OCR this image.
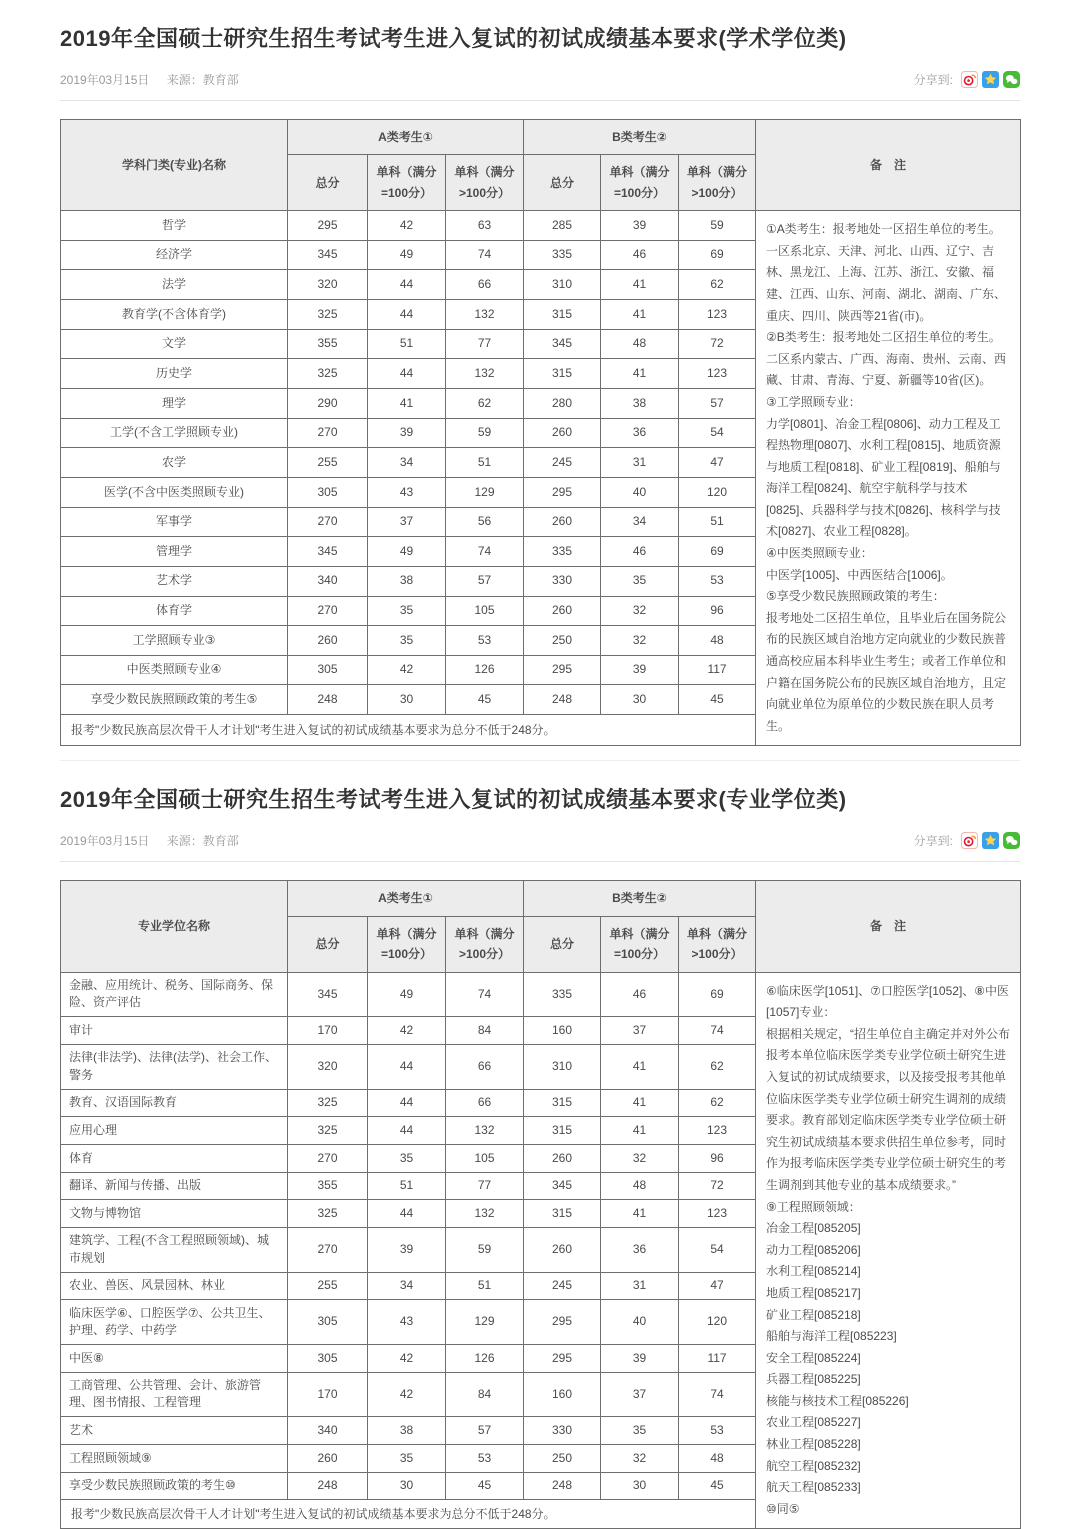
2019年全国硕士研究生招生考试考生进入复试的初试成绩基本要求(学术学位类)
2019年03月15日 来源：教育部	分享到:
学科门类(专业)名称	A类考生①			B类考生②			备　注
	总分	单科（满分=100分）	单科（满分>100分）	总分	单科（满分=100分）	单科（满分>100分）	
哲学	295	42	63	285	39	59	①A类考生：报考地处一区招生单位的考生。

一区系北京、天津、河北、山西、辽宁、吉林、黑龙江、上海、江苏、浙江、安徽、福建、江西、山东、河南、湖北、湖南、广东、重庆、四川、陕西等21省(市)。

②B类考生：报考地处二区招生单位的考生。

二区系内蒙古、广西、海南、贵州、云南、西藏、甘肃、青海、宁夏、新疆等10省(区)。

③工学照顾专业：

力学[0801]、冶金工程[0806]、动力工程及工程热物理[0807]、水利工程[0815]、地质资源与地质工程[0818]、矿业工程[0819]、船舶与海洋工程[0824]、航空宇航科学与技术[0825]、兵器科学与技术[0826]、核科学与技术[0827]、农业工程[0828]。

④中医类照顾专业：

中医学[1005]、中西医结合[1006]。

⑤享受少数民族照顾政策的考生：

报考地处二区招生单位，且毕业后在国务院公布的民族区域自治地方定向就业的少数民族普通高校应届本科毕业生考生；或者工作单位和户籍在国务院公布的民族区域自治地方，且定向就业单位为原单位的少数民族在职人员考生。

经济学	345	49	74	335	46	69	
法学	320	44	66	310	41	62	
教育学(不含体育学)	325	44	132	315	41	123	
文学	355	51	77	345	48	72	
历史学	325	44	132	315	41	123	
理学	290	41	62	280	38	57	
工学(不含工学照顾专业)	270	39	59	260	36	54	
农学	255	34	51	245	31	47	
医学(不含中医类照顾专业)	305	43	129	295	40	120	
军事学	270	37	56	260	34	51	
管理学	345	49	74	335	46	69	
艺术学	340	38	57	330	35	53	
体育学	270	35	105	260	32	96	
工学照顾专业③	260	35	53	250	32	48	
中医类照顾专业④	305	42	126	295	39	117	
享受少数民族照顾政策的考生⑤	248	30	45	248	30	45	
报考"少数民族高层次骨干人才计划"考生进入复试的初试成绩基本要求为总分不低于248分。							
2019年全国硕士研究生招生考试考生进入复试的初试成绩基本要求(专业学位类)
2019年03月15日 来源：教育部	分享到:
专业学位名称	A类考生①			B类考生②			备　注
	总分	单科（满分=100分）	单科（满分>100分）	总分	单科（满分=100分）	单科（满分>100分）	
金融、应用统计、税务、国际商务、保险、资产评估	345	49	74	335	46	69	⑥临床医学[1051]、⑦口腔医学[1052]、⑧中医[1057]专业：

根据相关规定，“招生单位自主确定并对外公布报考本单位临床医学类专业学位硕士研究生进入复试的初试成绩要求，以及接受报考其他单位临床医学类专业学位硕士研究生调剂的成绩要求。教育部划定临床医学类专业学位硕士研究生初试成绩基本要求供招生单位参考，同时作为报考临床医学类专业学位硕士研究生的考生调剂到其他专业的基本成绩要求。”

⑨工程照顾领域：

冶金工程[085205]

动力工程[085206]

水利工程[085214]

地质工程[085217]

矿业工程[085218]

船舶与海洋工程[085223]

安全工程[085224]

兵器工程[085225]

核能与核技术工程[085226]

农业工程[085227]

林业工程[085228]

航空工程[085232]

航天工程[085233]

⑩同⑤

审计	170	42	84	160	37	74	
法律(非法学)、法律(法学)、社会工作、警务	320	44	66	310	41	62	
教育、汉语国际教育	325	44	66	315	41	62	
应用心理	325	44	132	315	41	123	
体育	270	35	105	260	32	96	
翻译、新闻与传播、出版	355	51	77	345	48	72	
文物与博物馆	325	44	132	315	41	123	
建筑学、工程(不含工程照顾领域)、城市规划	270	39	59	260	36	54	
农业、兽医、风景园林、林业	255	34	51	245	31	47	
临床医学⑥、口腔医学⑦、公共卫生、护理、药学、中药学	305	43	129	295	40	120	
中医⑧	305	42	126	295	39	117	
工商管理、公共管理、会计、旅游管理、图书情报、工程管理	170	42	84	160	37	74	
艺术	340	38	57	330	35	53	
工程照顾领域⑨	260	35	53	250	32	48	
享受少数民族照顾政策的考生⑩	248	30	45	248	30	45	
报考"少数民族高层次骨干人才计划"考生进入复试的初试成绩基本要求为总分不低于248分。							
